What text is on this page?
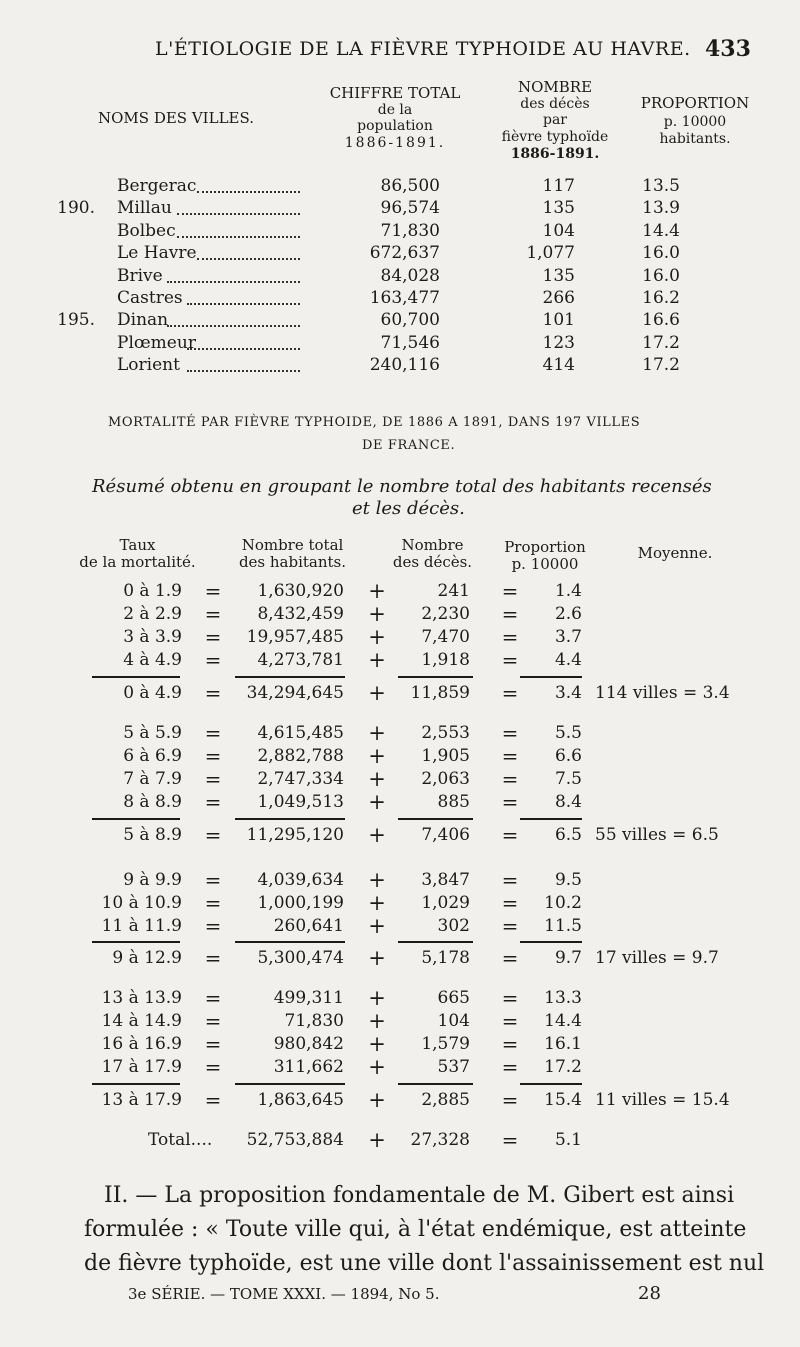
L'ÉTIOLOGIE DE LA FIÈVRE TYPHOIDE AU HAVRE. 433
NOMS DES VILLES.
CHIFFRE TOTAL
de la
population
1886-1891.
NOMBRE
des décès
par
fièvre typhoïde
1886-1891.
PROPORTION
p. 10000
habitants.
Bergerac	86,500	117	13.5
190. Millau	96,574	135	13.9
Bolbec	71,830	104	14.4
Le Havre	672,637	1,077	16.0
Brive	84,028	135	16.0
Castres	163,477	266	16.2
195. Dinan	60,700	101	16.6
Plœmeur	71,546	123	17.2
Lorient	240,116	414	17.2
MORTALITÉ PAR FIÈVRE TYPHOIDE, DE 1886 A 1891, DANS 197 VILLES
DE FRANCE.
Résumé obtenu en groupant le nombre total des habitants recensés
et les décès.
Taux
de la mortalité.
Nombre total
des habitants.
Nombre
des décès.
Proportion
p. 10000
Moyenne.
0 à 1.9	=	1,630,920 +	241	=	1.4
2 à 2.9	=	8,432,459 +	2,230	=	2.6
3 à 3.9	=	19,957,485 +	7,470	=	3.7
4 à 4.9	=	4,273,781 +	1,918	=	4.4
0 à 4.9	=	34,294,645 +	11,859	=	3.4 114 villes = 3.4
5 à 5.9	=	4,615,485 +	2,553	=	5.5
6 à 6.9	=	2,882,788 +	1,905	=	6.6
7 à 7.9	=	2,747,334 +	2,063	=	7.5
8 à 8.9	=	1,049,513 +	885	=	8.4
5 à 8.9	=	11,295,120 +	7,406	=	6.5 55 villes = 6.5
9 à 9.9	=	4,039,634 +	3,847	=	9.5
10 à 10.9	=	1,000,199 +	1,029	=	10.2
11 à 11.9	=	260,641 +	302	=	11.5
9 à 12.9	=	5,300,474 +	5,178	=	9.7 17 villes = 9.7
13 à 13.9	=	499,311 +	665	=	13.3
14 à 14.9	=	71,830 +	104	=	14.4
16 à 16.9	=	980,842 +	1,579	=	16.1
17 à 17.9	=	311,662 +	537	=	17.2
13 à 17.9	=	1,863,645 +	2,885	=	15.4 11 villes = 15.4
Total....	52,753,884 +	27,328	=	5.1
II. — La proposition fondamentale de M. Gibert est ainsi
formulée : « Toute ville qui, à l'état endémique, est atteinte
de fièvre typhoïde, est une ville dont l'assainissement est nul
3e SÉRIE. — TOME XXXI. — 1894, No 5.	28
